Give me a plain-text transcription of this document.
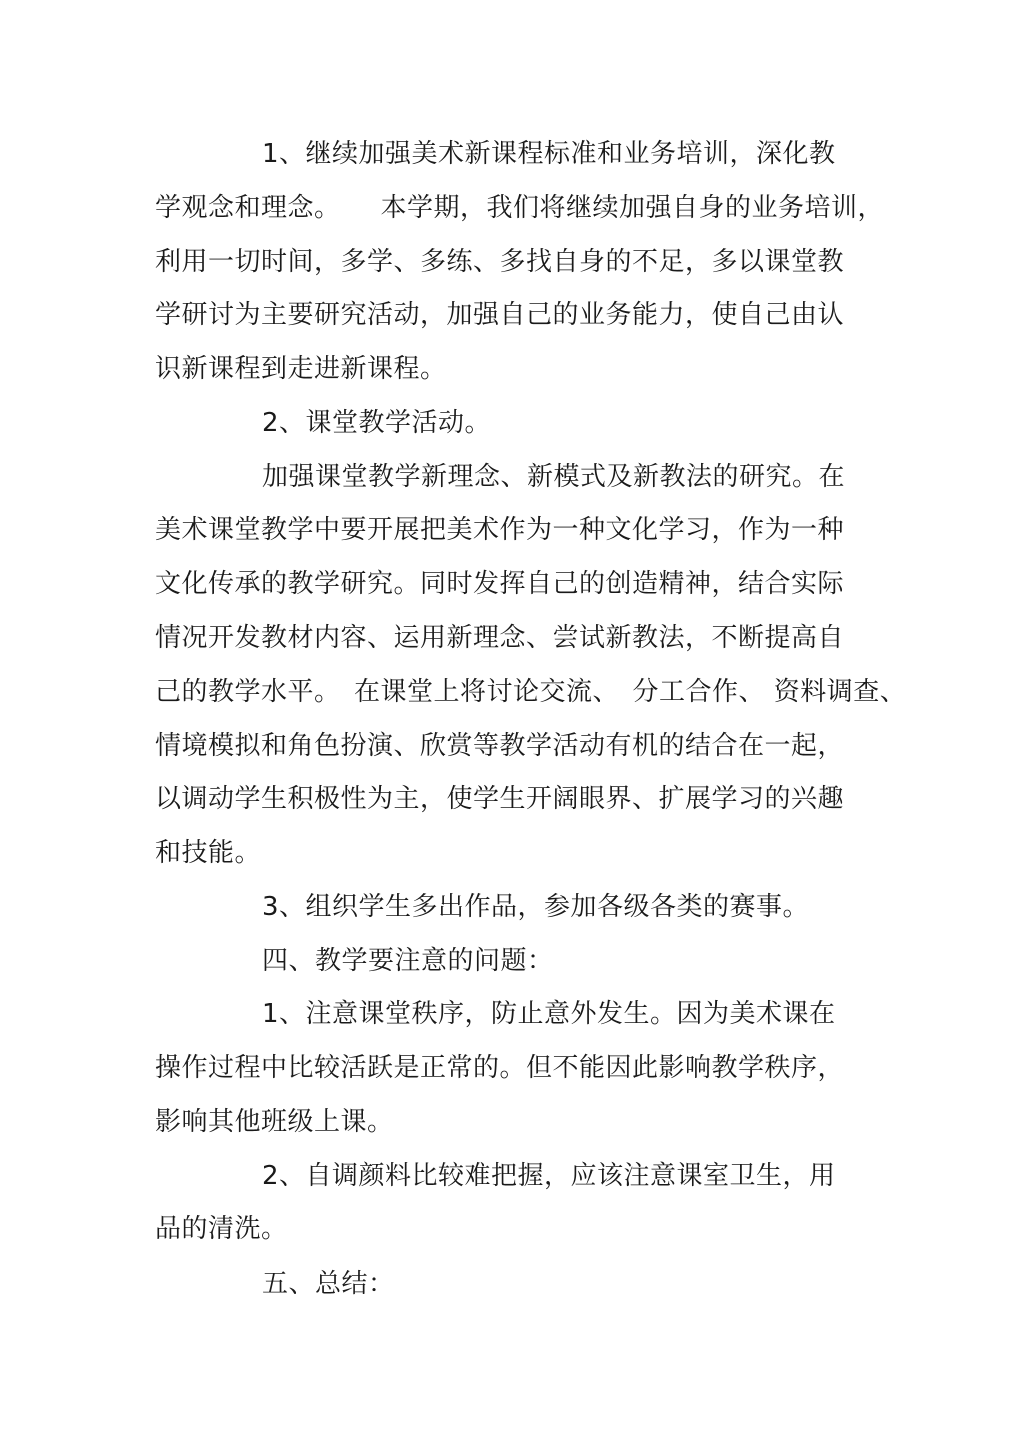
1、继续加强美术新课程标准和业务培训，深化教
学观念和理念。　　本学期，我们将继续加强自身的业务培训，
利用一切时间，多学、多练、多找自身的不足，多以课堂教
学研讨为主要研究活动，加强自己的业务能力，使自己由认
识新课程到走进新课程。
2、课堂教学活动。
加强课堂教学新理念、新模式及新教法的研究。在
美术课堂教学中要开展把美术作为一种文化学习，作为一种
文化传承的教学研究。同时发挥自己的创造精神，结合实际
情况开发教材内容、运用新理念、尝试新教法，不断提高自
己的教学水平。　在课堂上将讨论交流、　分工合作、 资料调查、
情境模拟和角色扮演、欣赏等教学活动有机的结合在一起，
以调动学生积极性为主，使学生开阔眼界、扩展学习的兴趣
和技能。
3、组织学生多出作品，参加各级各类的赛事。
四、教学要注意的问题：
1、注意课堂秩序，防止意外发生。因为美术课在
操作过程中比较活跃是正常的。但不能因此影响教学秩序，
影响其他班级上课。
2、自调颜料比较难把握，应该注意课室卫生，用
品的清洗。
五、总结：
